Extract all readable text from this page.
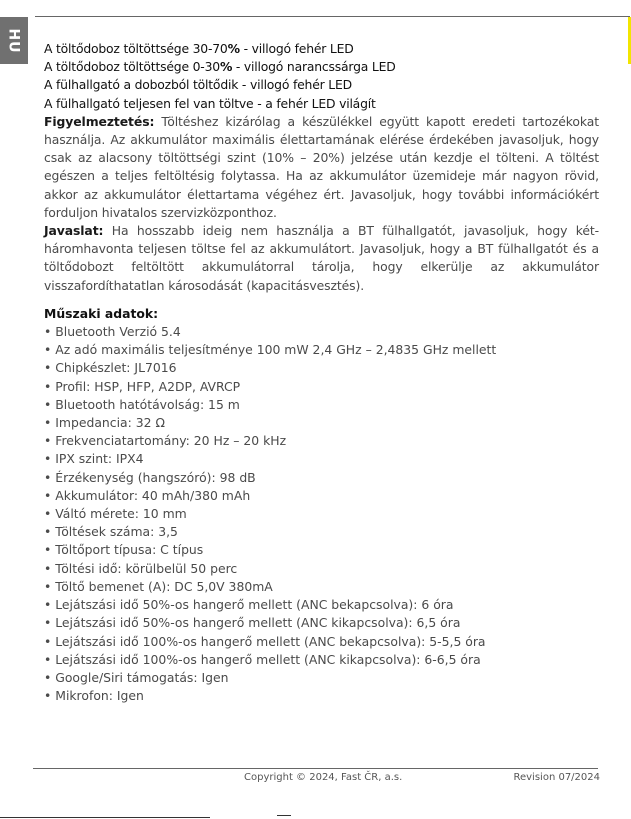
HU A töltődoboz töltöttsége 30-70% - villogó fehér LED
A töltődoboz töltöttsége 0-30% - villogó narancssárga LED
A fülhallgató a dobozból töltődik - villogó fehér LED
A fülhallgató teljesen fel van töltve - a fehér LED világít
Figyelmeztetés: Töltéshez kizárólag a készülékkel együtt kapott eredeti tartozékokat használja. Az akkumulátor maximális élettartamának elérése érdekében javasoljuk, hogy csak az alacsony töltöttségi szint (10% – 20%) jelzése után kezdje el tölteni. A töltést egészen a teljes feltöltésig folytassa. Ha az akkumulátor üzemideje már nagyon rövid, akkor az akkumulátor élettartama végéhez ért. Javasoljuk, hogy további információkért forduljon hivatalos szervizközponthoz.
Javaslat: Ha hosszabb ideig nem használja a BT fülhallgatót, javasoljuk, hogy két-háromhavonta teljesen töltse fel az akkumulátort. Javasoljuk, hogy a BT fülhallgatót és a töltődobozt feltöltött akkumulátorral tárolja, hogy elkerülje az akkumulátor visszafordíthatatlan károsodását (kapacitásvesztés).
Műszaki adatok:
• Bluetooth Verzió 5.4
• Az adó maximális teljesítménye 100 mW 2,4 GHz – 2,4835 GHz mellett
• Chipkészlet: JL7016
• Profil: HSP, HFP, A2DP, AVRCP
• Bluetooth hatótávolság: 15 m
• Impedancia: 32 Ω
• Frekvenciatartomány: 20 Hz – 20 kHz
• IPX szint: IPX4
• Érzékenység (hangszóró): 98 dB
• Akkumulátor: 40 mAh/380 mAh
• Váltó mérete: 10 mm
• Töltések száma: 3,5
• Töltőport típusa: C típus
• Töltési idő: körülbelül 50 perc
• Töltő bemenet (A): DC 5,0V 380mA
• Lejátszási idő 50%-os hangerő mellett (ANC bekapcsolva): 6 óra
• Lejátszási idő 50%-os hangerő mellett (ANC kikapcsolva): 6,5 óra
• Lejátszási idő 100%-os hangerő mellett (ANC bekapcsolva): 5-5,5 óra
• Lejátszási idő 100%-os hangerő mellett (ANC kikapcsolva): 6-6,5 óra
• Google/Siri támogatás: Igen
• Mikrofon: Igen
Copyright © 2024, Fast ČR, a.s.	Revision 07/2024
